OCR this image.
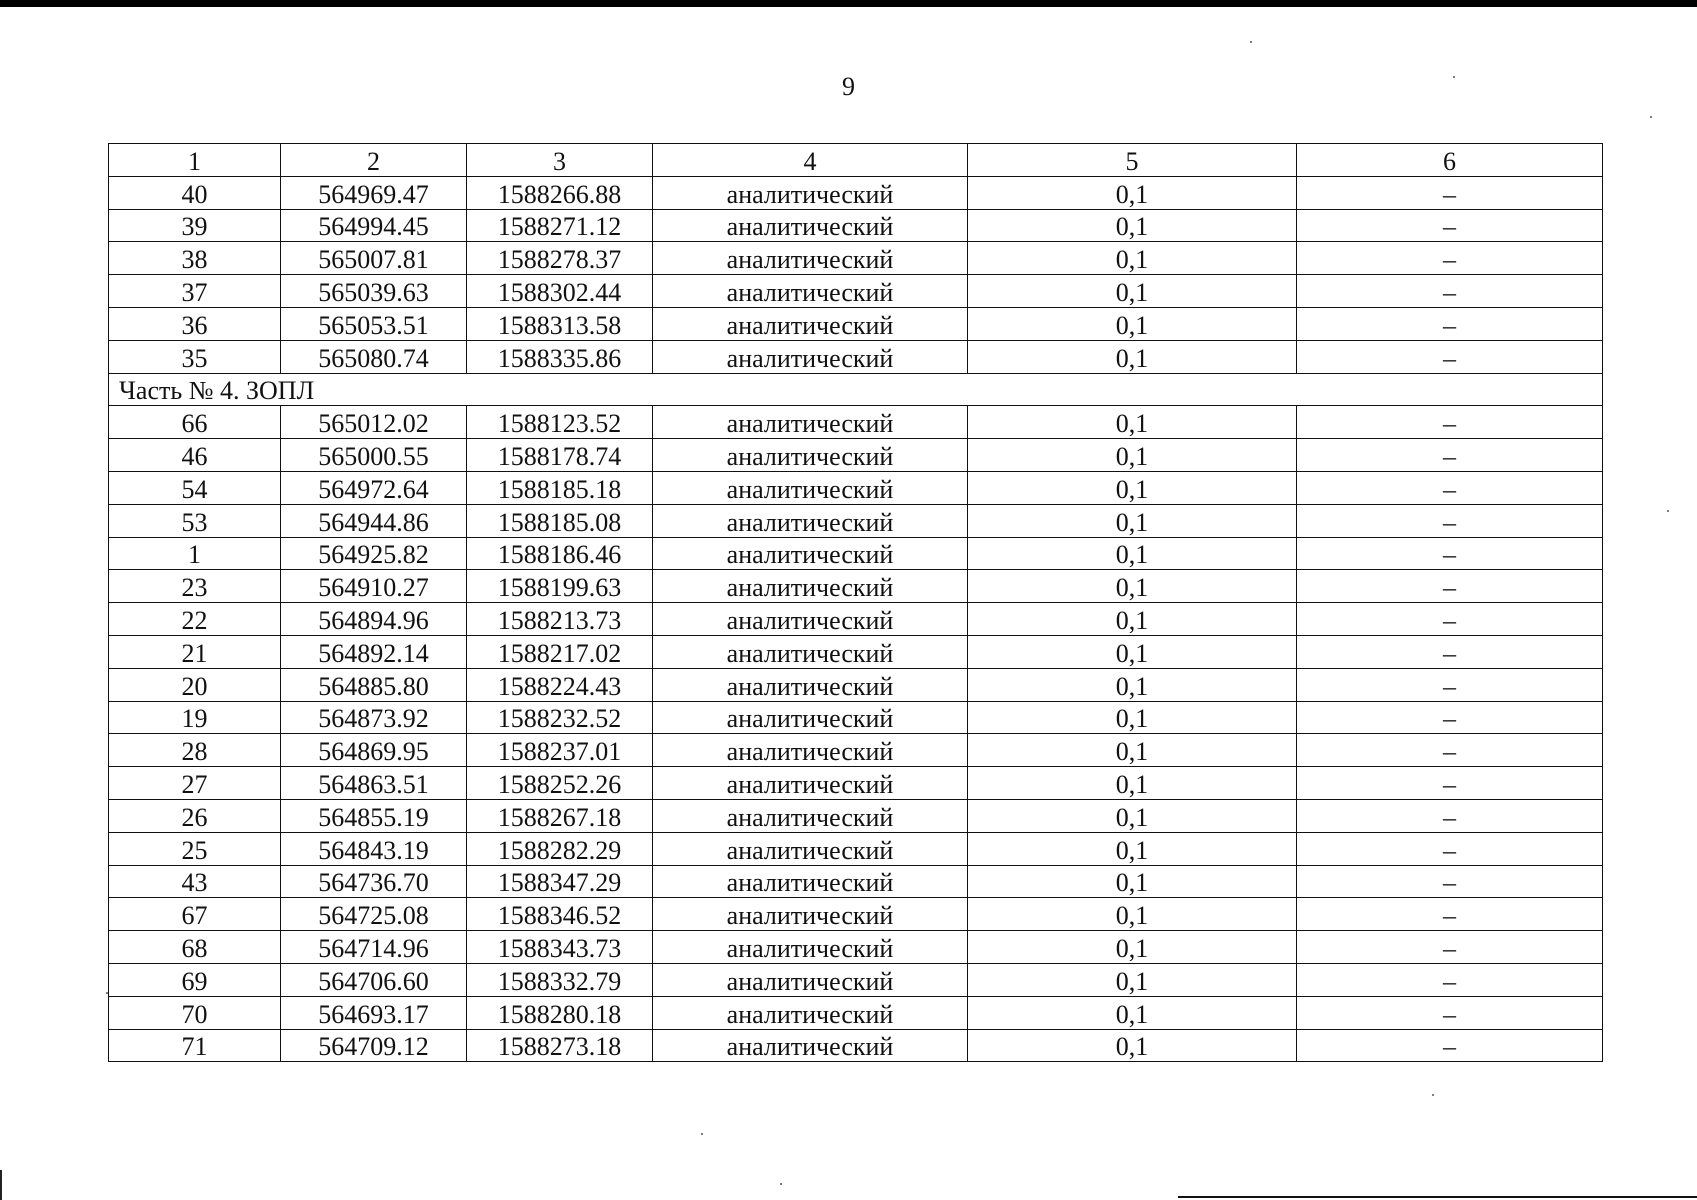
9
1	2	3	4	5	6
40	564969.47	1588266.88	аналитический	0,1	–
39	564994.45	1588271.12	аналитический	0,1	–
38	565007.81	1588278.37	аналитический	0,1	–
37	565039.63	1588302.44	аналитический	0,1	–
36	565053.51	1588313.58	аналитический	0,1	–
35	565080.74	1588335.86	аналитический	0,1	–
Часть № 4. ЗОПЛ					
66	565012.02	1588123.52	аналитический	0,1	–
46	565000.55	1588178.74	аналитический	0,1	–
54	564972.64	1588185.18	аналитический	0,1	–
53	564944.86	1588185.08	аналитический	0,1	–
1	564925.82	1588186.46	аналитический	0,1	–
23	564910.27	1588199.63	аналитический	0,1	–
22	564894.96	1588213.73	аналитический	0,1	–
21	564892.14	1588217.02	аналитический	0,1	–
20	564885.80	1588224.43	аналитический	0,1	–
19	564873.92	1588232.52	аналитический	0,1	–
28	564869.95	1588237.01	аналитический	0,1	–
27	564863.51	1588252.26	аналитический	0,1	–
26	564855.19	1588267.18	аналитический	0,1	–
25	564843.19	1588282.29	аналитический	0,1	–
43	564736.70	1588347.29	аналитический	0,1	–
67	564725.08	1588346.52	аналитический	0,1	–
68	564714.96	1588343.73	аналитический	0,1	–
69	564706.60	1588332.79	аналитический	0,1	–
70	564693.17	1588280.18	аналитический	0,1	–
71	564709.12	1588273.18	аналитический	0,1	–
